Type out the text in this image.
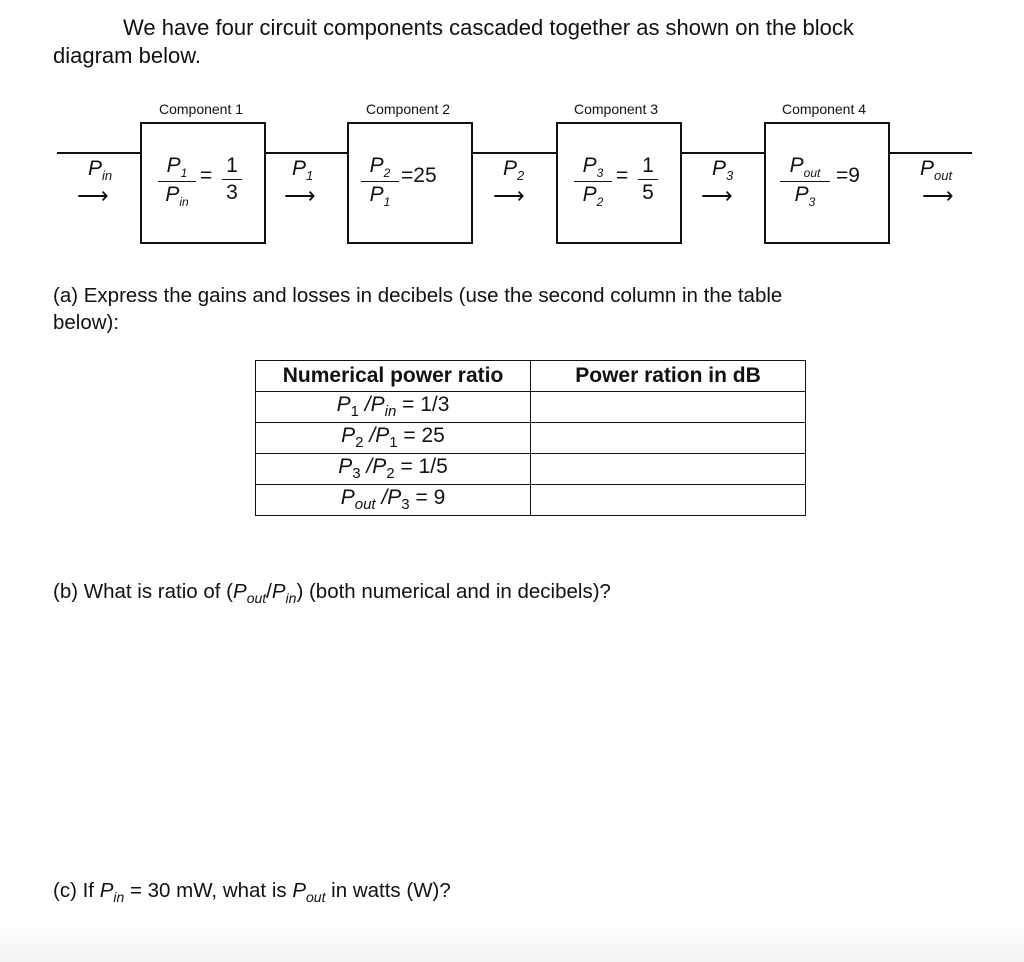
We have four circuit components cascaded together as shown on the block
diagram below.
$P_{in}$
⟶
Component 1
$P_1$
$P_{in}$
= $\frac{1}{3} P_1$
⟶
Component 2
$\frac{P_2}{P_1} =25$	$P_2$
⟶
Component 3
$\frac{P_3}{P_2} = \frac{1}{5}$	$P_3$
⟶
Component 4
$P_{out}$
$P_3$
=9	$P_{out}$
⟶
(a) Express the gains and losses in decibels (use the second column in the table
below):
Numerical power ratio	Power ration in dB
$P_1$ $/P_{in} = 1/3$	
$P_2$ $/P_1 = 25$	
$P_3$ $/P_2 = 1/5$	
$P_{out}$ $/P_3 = 9$	
(b) What is ratio of $(P_{out}/P_{in})$ (both numerical and in decibels)?
(c) If $P_{in} = 30$ mW, what is $P_{out}$ in watts (W)?
